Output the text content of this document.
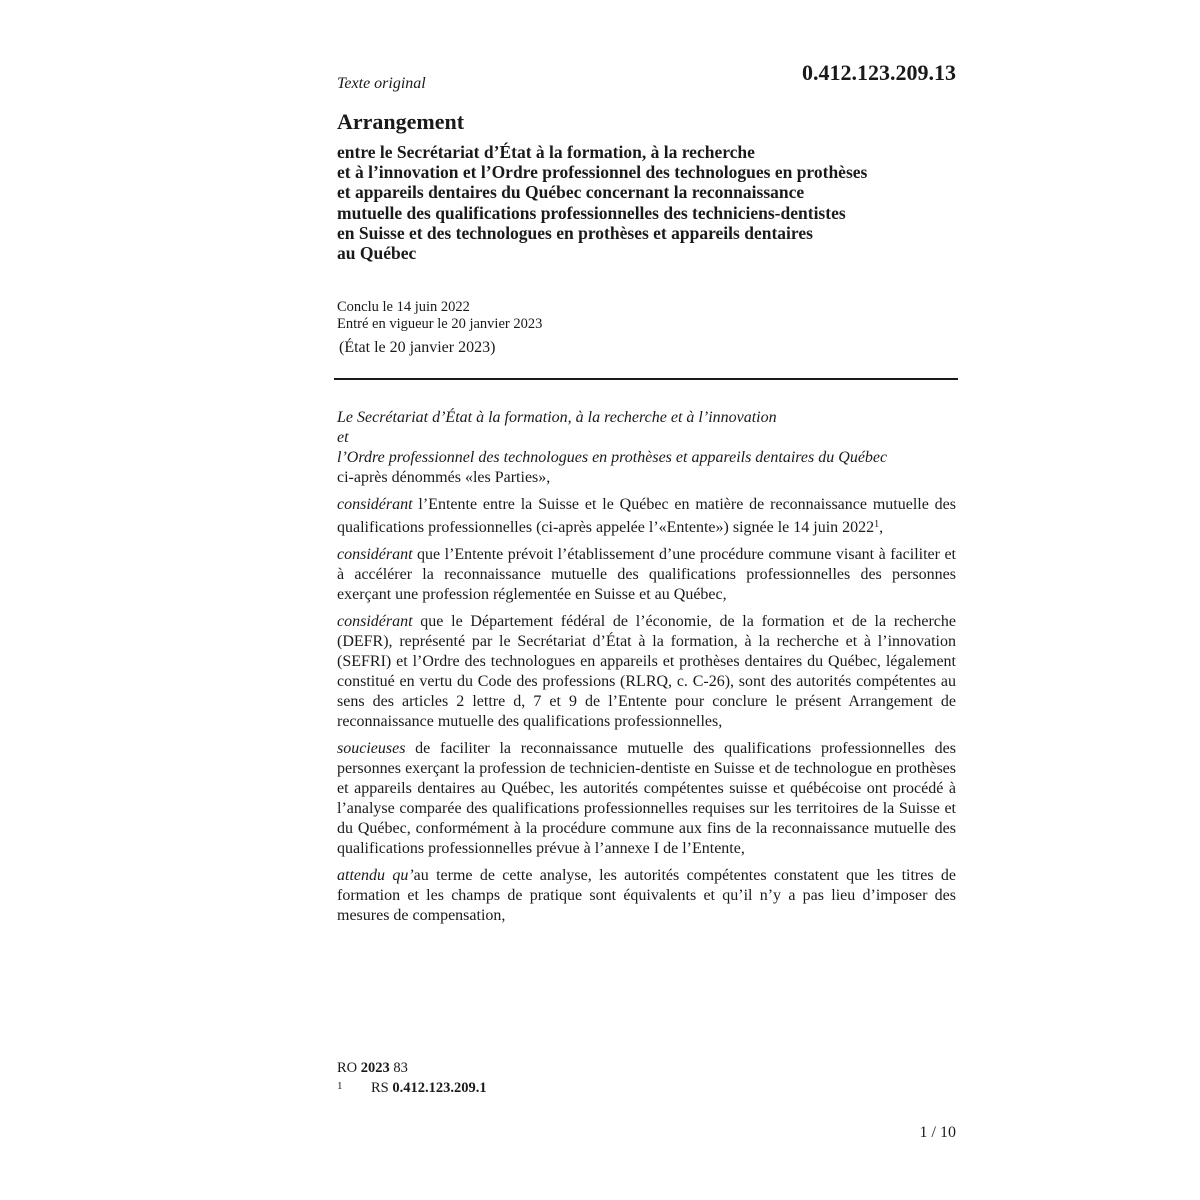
0.412.123.209.13
Texte original
Arrangement
entre le Secrétariat d’État à la formation, à la recherche
et à l’innovation et l’Ordre professionnel des technologues en prothèses
et appareils dentaires du Québec concernant la reconnaissance
mutuelle des qualifications professionnelles des techniciens-dentistes
en Suisse et des technologues en prothèses et appareils dentaires
au Québec
Conclu le 14 juin 2022
Entré en vigueur le 20 janvier 2023
(État le 20 janvier 2023)
Le Secrétariat d’État à la formation, à la recherche et à l’innovation
et
l’Ordre professionnel des technologues en prothèses et appareils dentaires du Québec
ci-après dénommés «les Parties»,

considérant l’Entente entre la Suisse et le Québec en matière de reconnaissance mutuelle des qualifications professionnelles (ci-après appelée l’«Entente») signée le 14 juin 2022$^1$,

considérant que l’Entente prévoit l’établissement d’une procédure commune visant à faciliter et à accélérer la reconnaissance mutuelle des qualifications professionnelles des personnes exerçant une profession réglementée en Suisse et au Québec,

considérant que le Département fédéral de l’économie, de la formation et de la recherche (DEFR), représenté par le Secrétariat d’État à la formation, à la recherche et à l’innovation (SEFRI) et l’Ordre des technologues en appareils et prothèses dentaires du Québec, légalement constitué en vertu du Code des professions (RLRQ, c. C-26), sont des autorités compétentes au sens des articles 2 lettre d, 7 et 9 de l’Entente pour conclure le présent Arrangement de reconnaissance mutuelle des qualifications professionnelles,

soucieuses de faciliter la reconnaissance mutuelle des qualifications professionnelles des personnes exerçant la profession de technicien-dentiste en Suisse et de technologue en prothèses et appareils dentaires au Québec, les autorités compétentes suisse et québécoise ont procédé à l’analyse comparée des qualifications professionnelles requises sur les territoires de la Suisse et du Québec, conformément à la procédure commune aux fins de la reconnaissance mutuelle des qualifications professionnelles prévue à l’annexe I de l’Entente,

attendu qu’au terme de cette analyse, les autorités compétentes constatent que les titres de formation et les champs de pratique sont équivalents et qu’il n’y a pas lieu d’imposer des mesures de compensation,

RO 2023 83
1 RS 0.412.123.209.1
1 / 10
